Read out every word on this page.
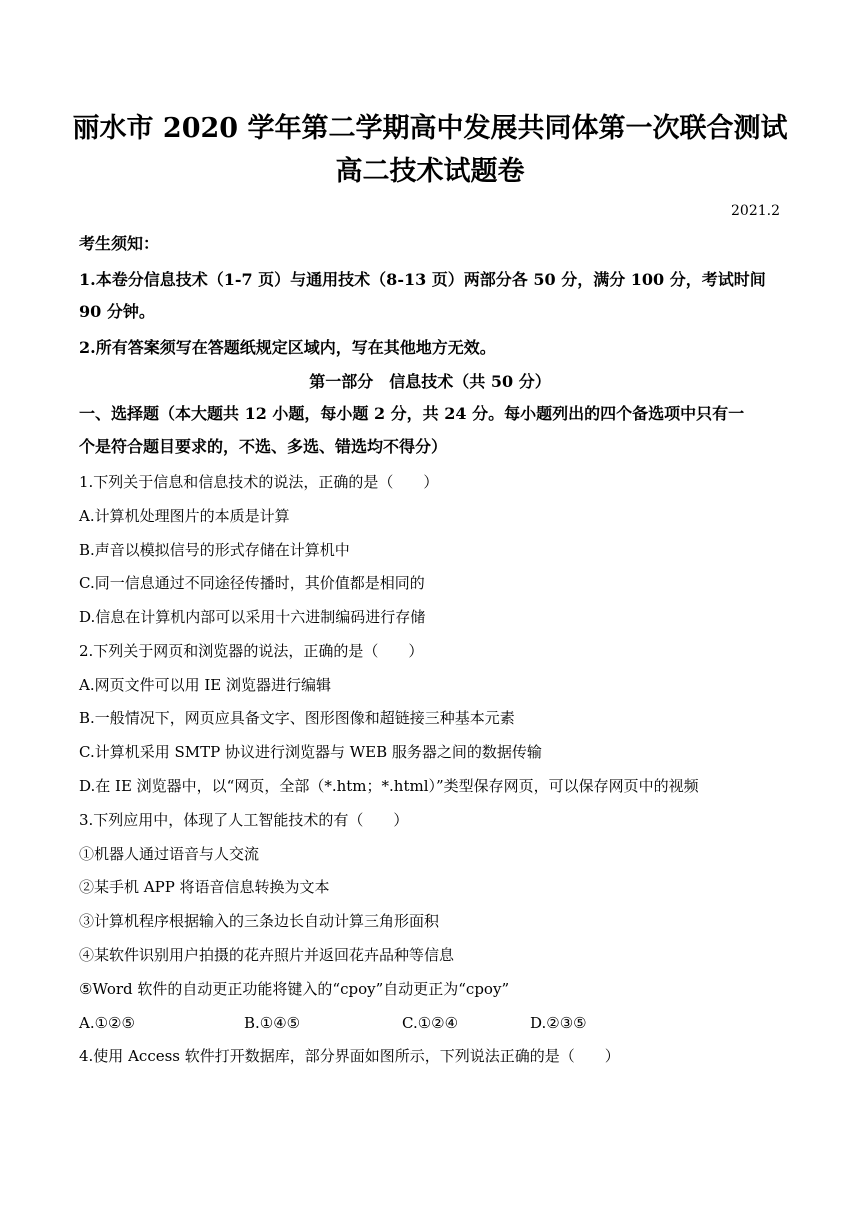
丽水市 2020 学年第二学期高中发展共同体第一次联合测试
高二技术试题卷
2021.2
考生须知：
1.本卷分信息技术（1-7 页）与通用技术（8-13 页）两部分各 50 分，满分 100 分，考试时间
90 分钟。
2.所有答案须写在答题纸规定区域内，写在其他地方无效。
第一部分　信息技术（共 50 分）
一、选择题（本大题共 12 小题，每小题 2 分，共 24 分。每小题列出的四个备选项中只有一
个是符合题目要求的，不选、多选、错选均不得分）
1.下列关于信息和信息技术的说法，正确的是（　　）
A.计算机处理图片的本质是计算
B.声音以模拟信号的形式存储在计算机中
C.同一信息通过不同途径传播时，其价值都是相同的
D.信息在计算机内部可以采用十六进制编码进行存储
2.下列关于网页和浏览器的说法，正确的是（　　）
A.网页文件可以用 IE 浏览器进行编辑
B.一般情况下，网页应具备文字、图形图像和超链接三种基本元素
C.计算机采用 SMTP 协议进行浏览器与 WEB 服务器之间的数据传输
D.在 IE 浏览器中，以“网页，全部（*.htm；*.html）”类型保存网页，可以保存网页中的视频
3.下列应用中，体现了人工智能技术的有（　　）
①机器人通过语音与人交流
②某手机 APP 将语音信息转换为文本
③计算机程序根据输入的三条边长自动计算三角形面积
④某软件识别用户拍摄的花卉照片并返回花卉品种等信息
⑤Word 软件的自动更正功能将键入的“cpoy”自动更正为“cpoy”
A.①②⑤	B.①④⑤	C.①②④	D.②③⑤
4.使用 Access 软件打开数据库，部分界面如图所示，下列说法正确的是（　　）
